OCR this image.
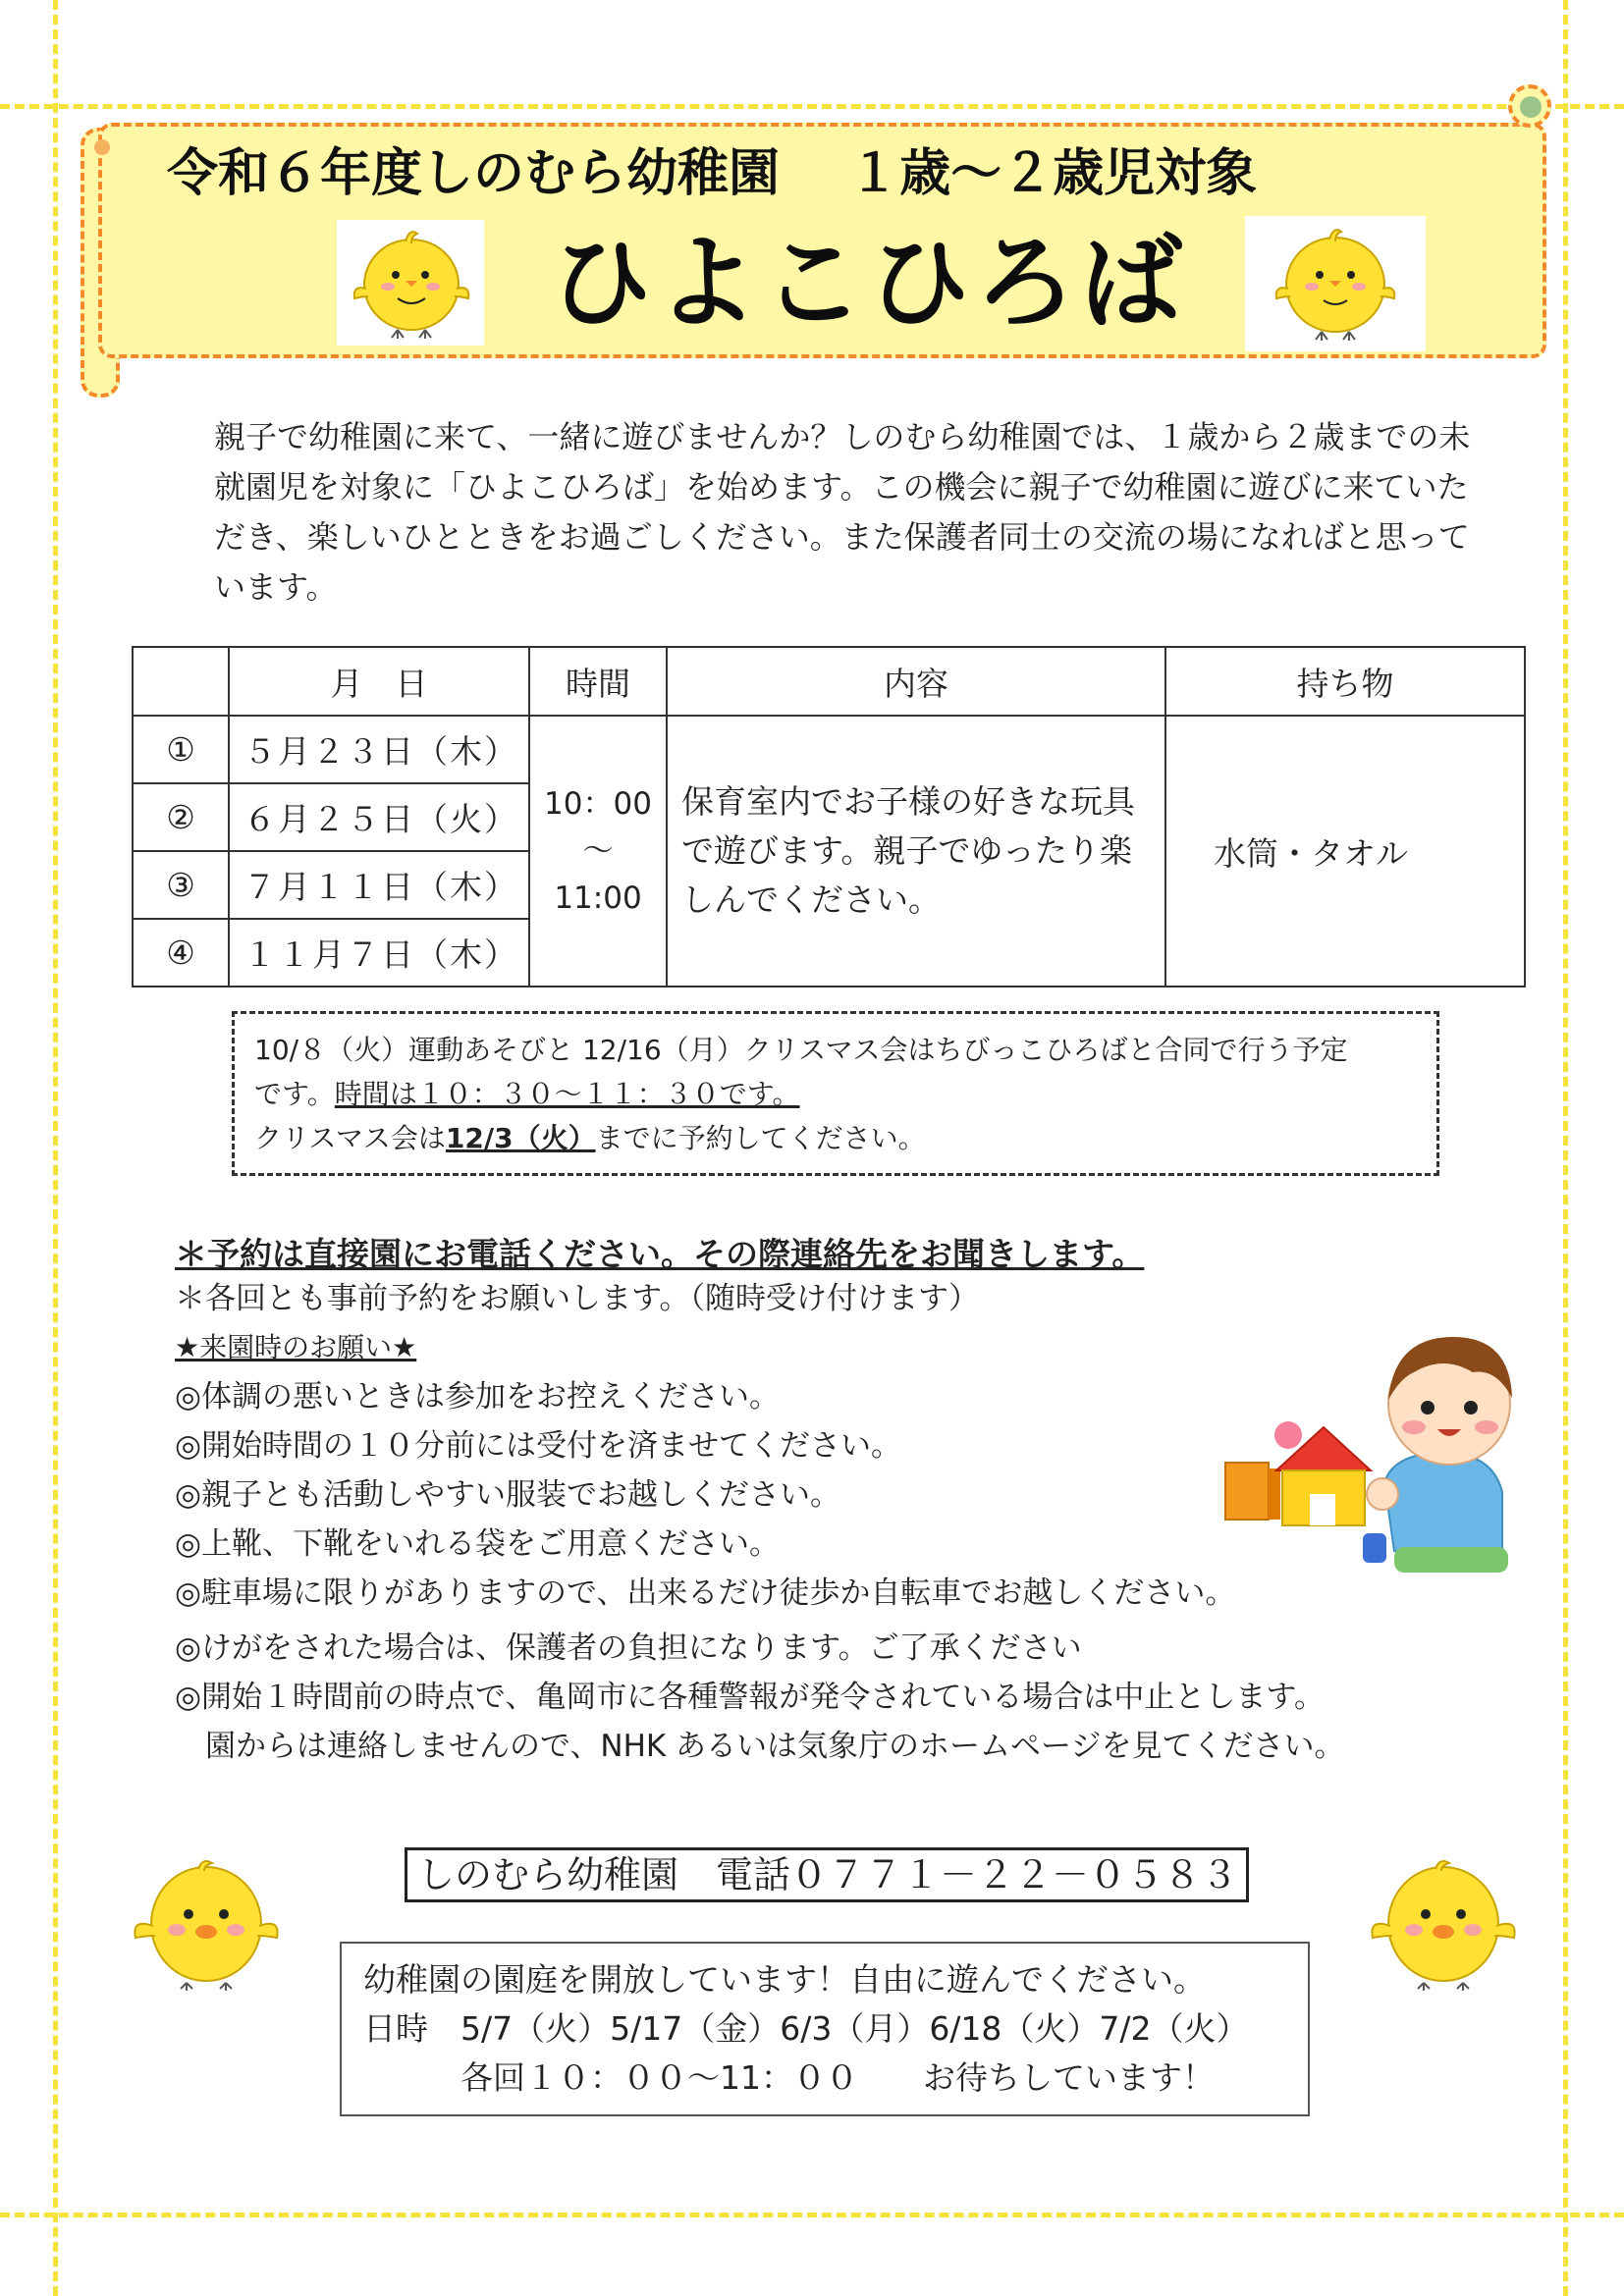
令和６年度しのむら幼稚園　 １歳～２歳児対象
ひよこひろば
親子で幼稚園に来て、一緒に遊びませんか？しのむら幼稚園では、１歳から２歳までの未就園児を対象に「ひよこひろば」を始めます。この機会に親子で幼稚園に遊びに来ていただき、楽しいひとときをお過ごしください。また保護者同士の交流の場になればと思っています。
	月　日	時間	内容	持ち物
①	５月２３日（木）	10：00
～
11:00	保育室内でお子様の好きな玩具で遊びます。親子でゆったり楽しんでください。	水筒・タオル
②	６月２５日（火）			
③	７月１１日（木）			
④	１１月７日（木）			
10/８（火）運動あそびと 12/16（月）クリスマス会はちびっこひろばと合同で行う予定
です。時間は１０：３０～１１：３０です。
クリスマス会は12/3（火）までに予約してください。
＊予約は直接園にお電話ください。その際連絡先をお聞きします。
＊各回とも事前予約をお願いします。（随時受け付けます）
★来園時のお願い★
◎体調の悪いときは参加をお控えください。
◎開始時間の１０分前には受付を済ませてください。
◎親子とも活動しやすい服装でお越しください。
◎上靴、下靴をいれる袋をご用意ください。
◎駐車場に限りがありますので、出来るだけ徒歩か自転車でお越しください。
◎けがをされた場合は、保護者の負担になります。ご了承ください
◎開始１時間前の時点で、亀岡市に各種警報が発令されている場合は中止とします。
　園からは連絡しませんので、NHK あるいは気象庁のホームページを見てください。
しのむら幼稚園　電話０７７１－２２－０５８３
幼稚園の園庭を開放しています！自由に遊んでください。
日時　5/7（火）5/17（金）6/3（月）6/18（火）7/2（火）
　　　各回１０：００～11：００　　お待ちしています！
